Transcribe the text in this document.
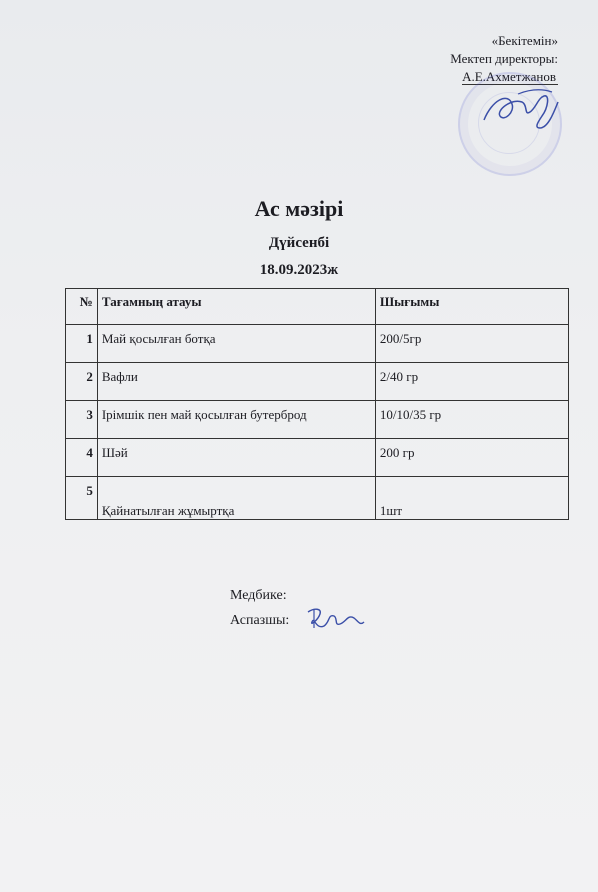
«Бекітемін»
Мектеп директоры:
А.Е.Ахметжанов
Ас мәзірі
Дүйсенбі
18.09.2023ж
№	Тағамның атауы	Шығымы
1	Май қосылған ботқа	200/5гр
2	Вафли	2/40 гр
3	Ірімшік пен май қосылған бутерброд	10/10/35 гр
4	Шәй	200 гр
5	Қайнатылған жұмыртқа	1шт
Медбике:
Аспазшы:
